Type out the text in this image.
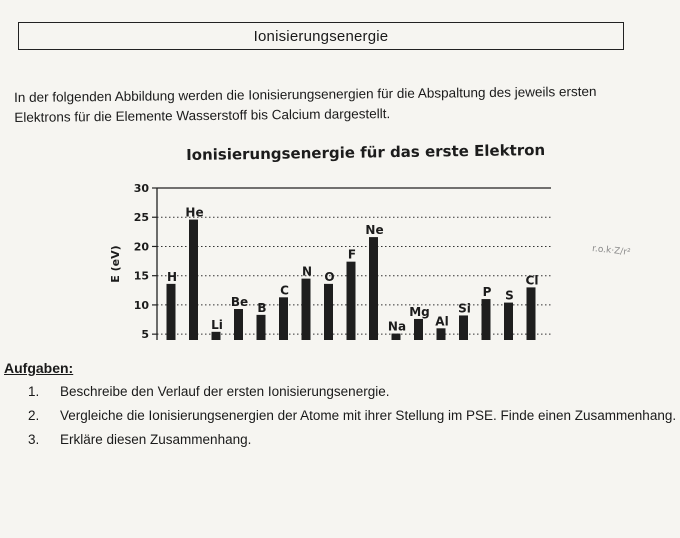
Ionisierungsenergie

In der folgenden Abbildung werden die Ionisierungsenergien für die Abspaltung des jeweils ersten Elektrons für die Elemente Wasserstoff bis Calcium dargestellt.

Ionisierungsenergie für das erste Elektron
5
10
15
20
25
30
E (eV)	H
He
Li
Be B
C
N O
F
Ne
Na
Mg
Al
Si
P S
Cl
r.o.k·Z/r²
Aufgaben:
1. Beschreibe den Verlauf der ersten Ionisierungsenergie.
2. Vergleiche die Ionisierungsenergien der Atome mit ihrer Stellung im PSE. Finde einen Zusammenhang.
3. Erkläre diesen Zusammenhang.
